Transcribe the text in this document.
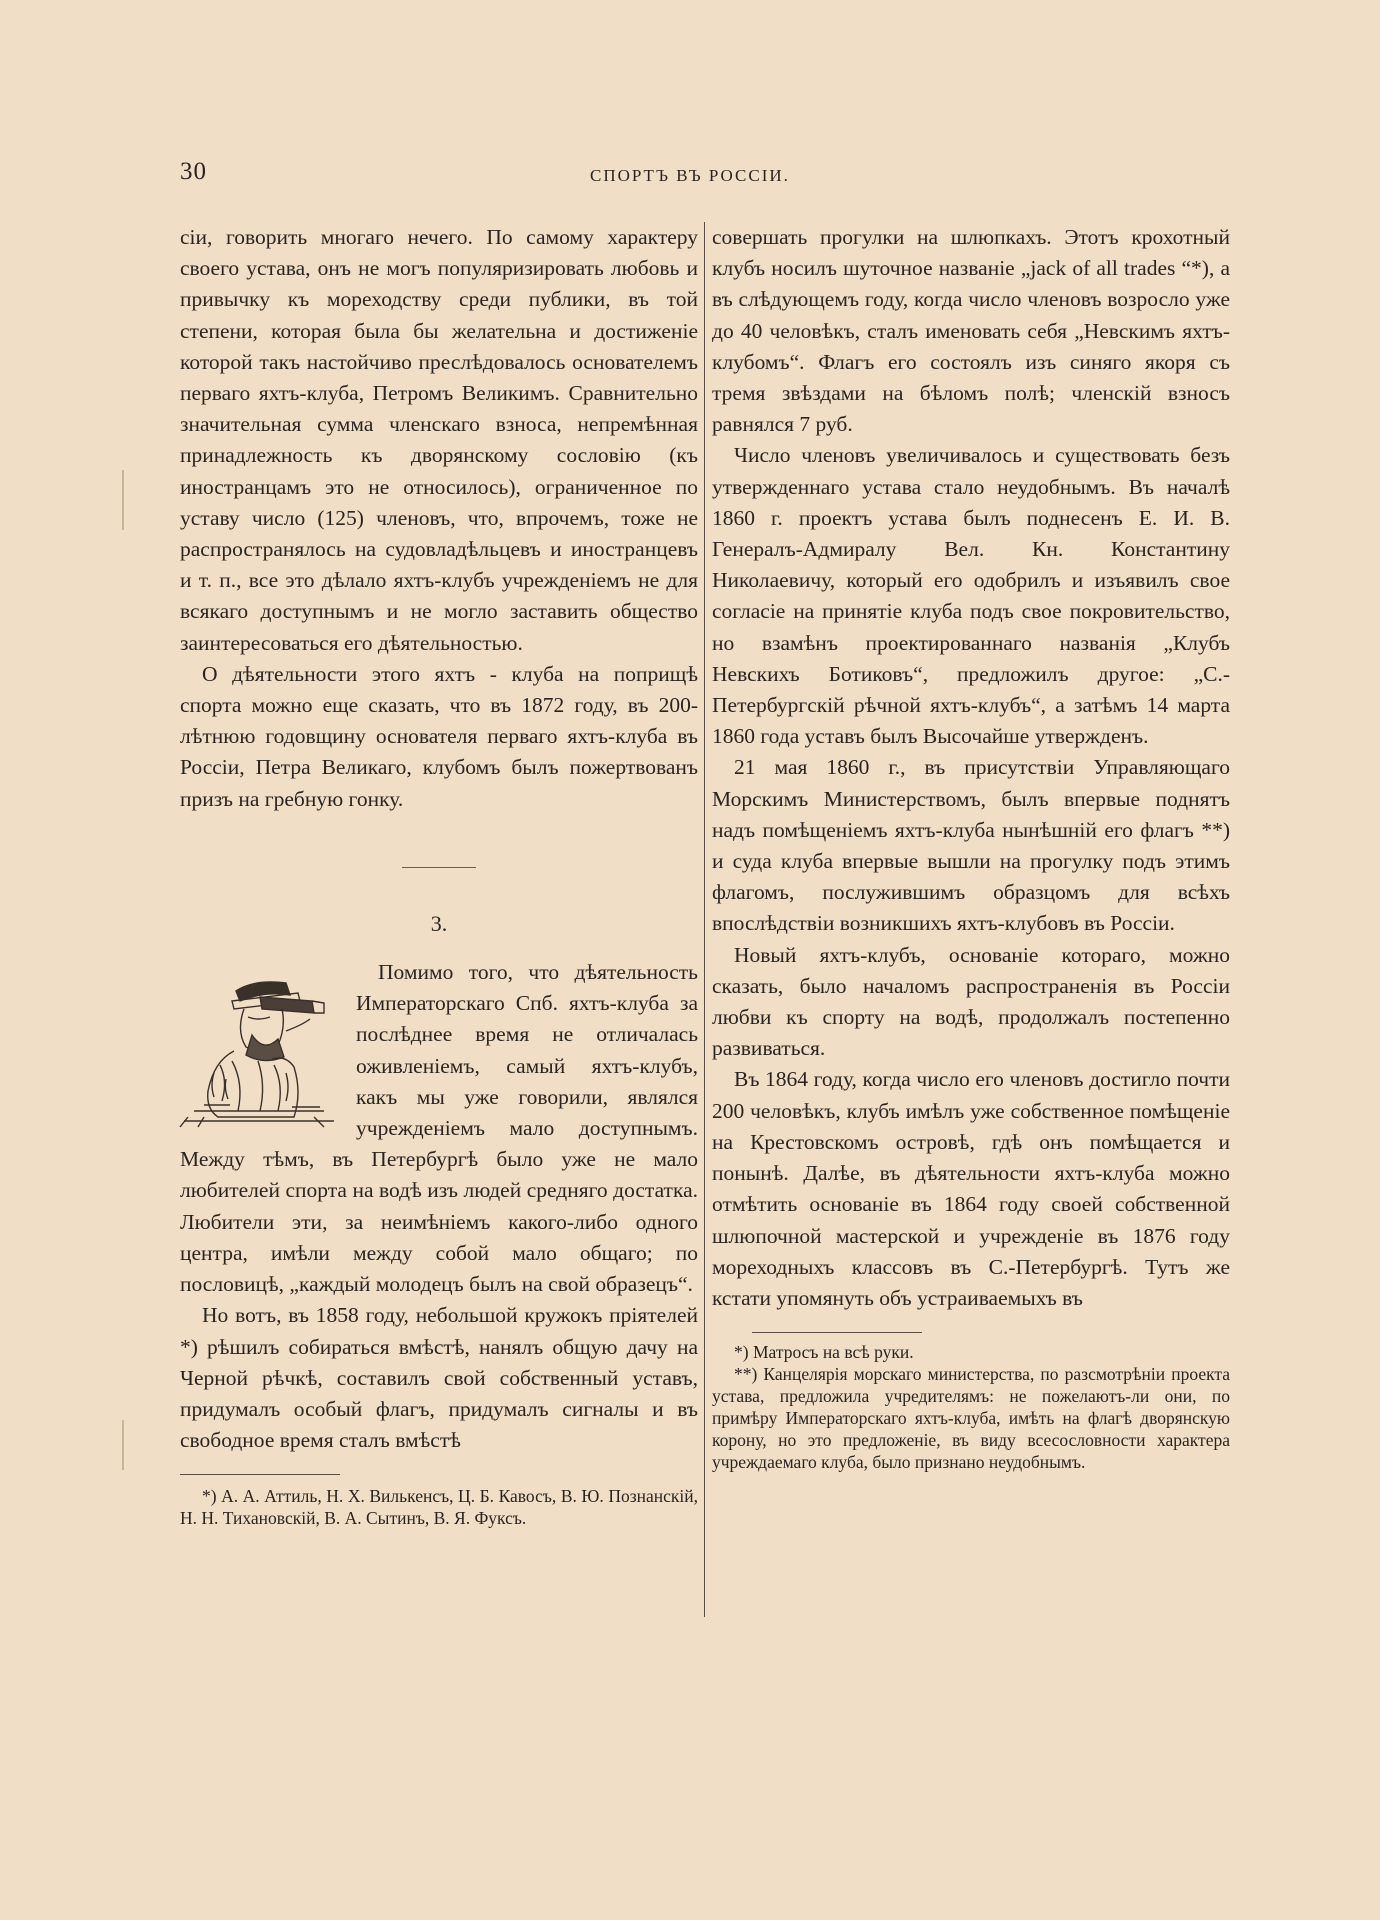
30	СПОРТЪ ВЪ РОССІИ.

сіи, говорить многаго нечего. По самому характеру своего устава, онъ не могъ популяризировать любовь и привычку къ мореходству среди публики, въ той степени, которая была бы желательна и достиженіе которой такъ настойчиво преслѣдовалось основателемъ перваго яхтъ-клуба, Петромъ Великимъ. Сравнительно значительная сумма членскаго взноса, непремѣнная принадлежность къ дворянскому сословію (къ иностранцамъ это не относилось), ограниченное по уставу число (125) членовъ, что, впрочемъ, тоже не распространялось на судовладѣльцевъ и иностранцевъ и т. п., все это дѣлало яхтъ-клубъ учрежденіемъ не для всякаго доступнымъ и не могло заставить общество заинтересоваться его дѣятельностью.

О дѣятельности этого яхтъ - клуба на поприщѣ спорта можно еще сказать, что въ 1872 году, въ 200-лѣтнюю годовщину основателя перваго яхтъ-клуба въ Россіи, Петра Великаго, клубомъ былъ пожертвованъ призъ на гребную гонку.

3.

Помимо того, что дѣятельность Императорскаго Спб. яхтъ-клуба за послѣднее время не отличалась оживленіемъ, самый яхтъ-клубъ, какъ мы уже говорили, являлся учрежденіемъ мало доступнымъ. Между тѣмъ, въ Петербургѣ было уже не мало любителей спорта на водѣ изъ людей средняго достатка. Любители эти, за неимѣніемъ какого-либо одного центра, имѣли между собой мало общаго; по пословицѣ, „каждый молодецъ былъ на свой образецъ“.

Но вотъ, въ 1858 году, небольшой кружокъ пріятелей *) рѣшилъ собираться вмѣстѣ, нанялъ общую дачу на Черной рѣчкѣ, составилъ свой собственный уставъ, придумалъ особый флагъ, придумалъ сигналы и въ свободное время сталъ вмѣстѣ

*) А. А. Аттиль, Н. Х. Вилькенсъ, Ц. Б. Кавосъ, В. Ю. Познанскій, Н. Н. Тихановскій, В. А. Сытинъ, В. Я. Фуксъ.

совершать прогулки на шлюпкахъ. Этотъ крохотный клубъ носилъ шуточное названіе „jack of all trades “*), а въ слѣдующемъ году, когда число членовъ возросло уже до 40 человѣкъ, сталъ именовать себя „Невскимъ яхтъ-клубомъ“. Флагъ его состоялъ изъ синяго якоря съ тремя звѣздами на бѣломъ полѣ; членскій взносъ равнялся 7 руб.

Число членовъ увеличивалось и существовать безъ утвержденнаго устава стало неудобнымъ. Въ началѣ 1860 г. проектъ устава былъ поднесенъ Е. И. В. Генералъ-Адмиралу Вел. Кн. Константину Николаевичу, который его одобрилъ и изъявилъ свое согласіе на принятіе клуба подъ свое покровительство, но взамѣнъ проектированнаго названія „Клубъ Невскихъ Ботиковъ“, предложилъ другое: „С.-Петербургскій рѣчной яхтъ-клубъ“, а затѣмъ 14 марта 1860 года уставъ былъ Высочайше утвержденъ.

21 мая 1860 г., въ присутствіи Управляющаго Морскимъ Министерствомъ, былъ впервые поднятъ надъ помѣщеніемъ яхтъ-клуба нынѣшній его флагъ **) и суда клуба впервые вышли на прогулку подъ этимъ флагомъ, послужившимъ образцомъ для всѣхъ впослѣдствіи возникшихъ яхтъ-клубовъ въ Россіи.

Новый яхтъ-клубъ, основаніе котораго, можно сказать, было началомъ распространенія въ Россіи любви къ спорту на водѣ, продолжалъ постепенно развиваться.

Въ 1864 году, когда число его членовъ достигло почти 200 человѣкъ, клубъ имѣлъ уже собственное помѣщеніе на Крестовскомъ островѣ, гдѣ онъ помѣщается и понынѣ. Далѣе, въ дѣятельности яхтъ-клуба можно отмѣтить основаніе въ 1864 году своей собственной шлюпочной мастерской и учрежденіе въ 1876 году мореходныхъ классовъ въ С.-Петербургѣ. Тутъ же кстати упомянуть объ устраиваемыхъ въ

*) Матросъ на всѣ руки.

**) Канцелярія морскаго министерства, по разсмотрѣніи проекта устава, предложила учредителямъ: не пожелаютъ-ли они, по примѣру Императорскаго яхтъ-клуба, имѣть на флагѣ дворянскую корону, но это предложеніе, въ виду всесословности характера учреждаемаго клуба, было признано неудобнымъ.
